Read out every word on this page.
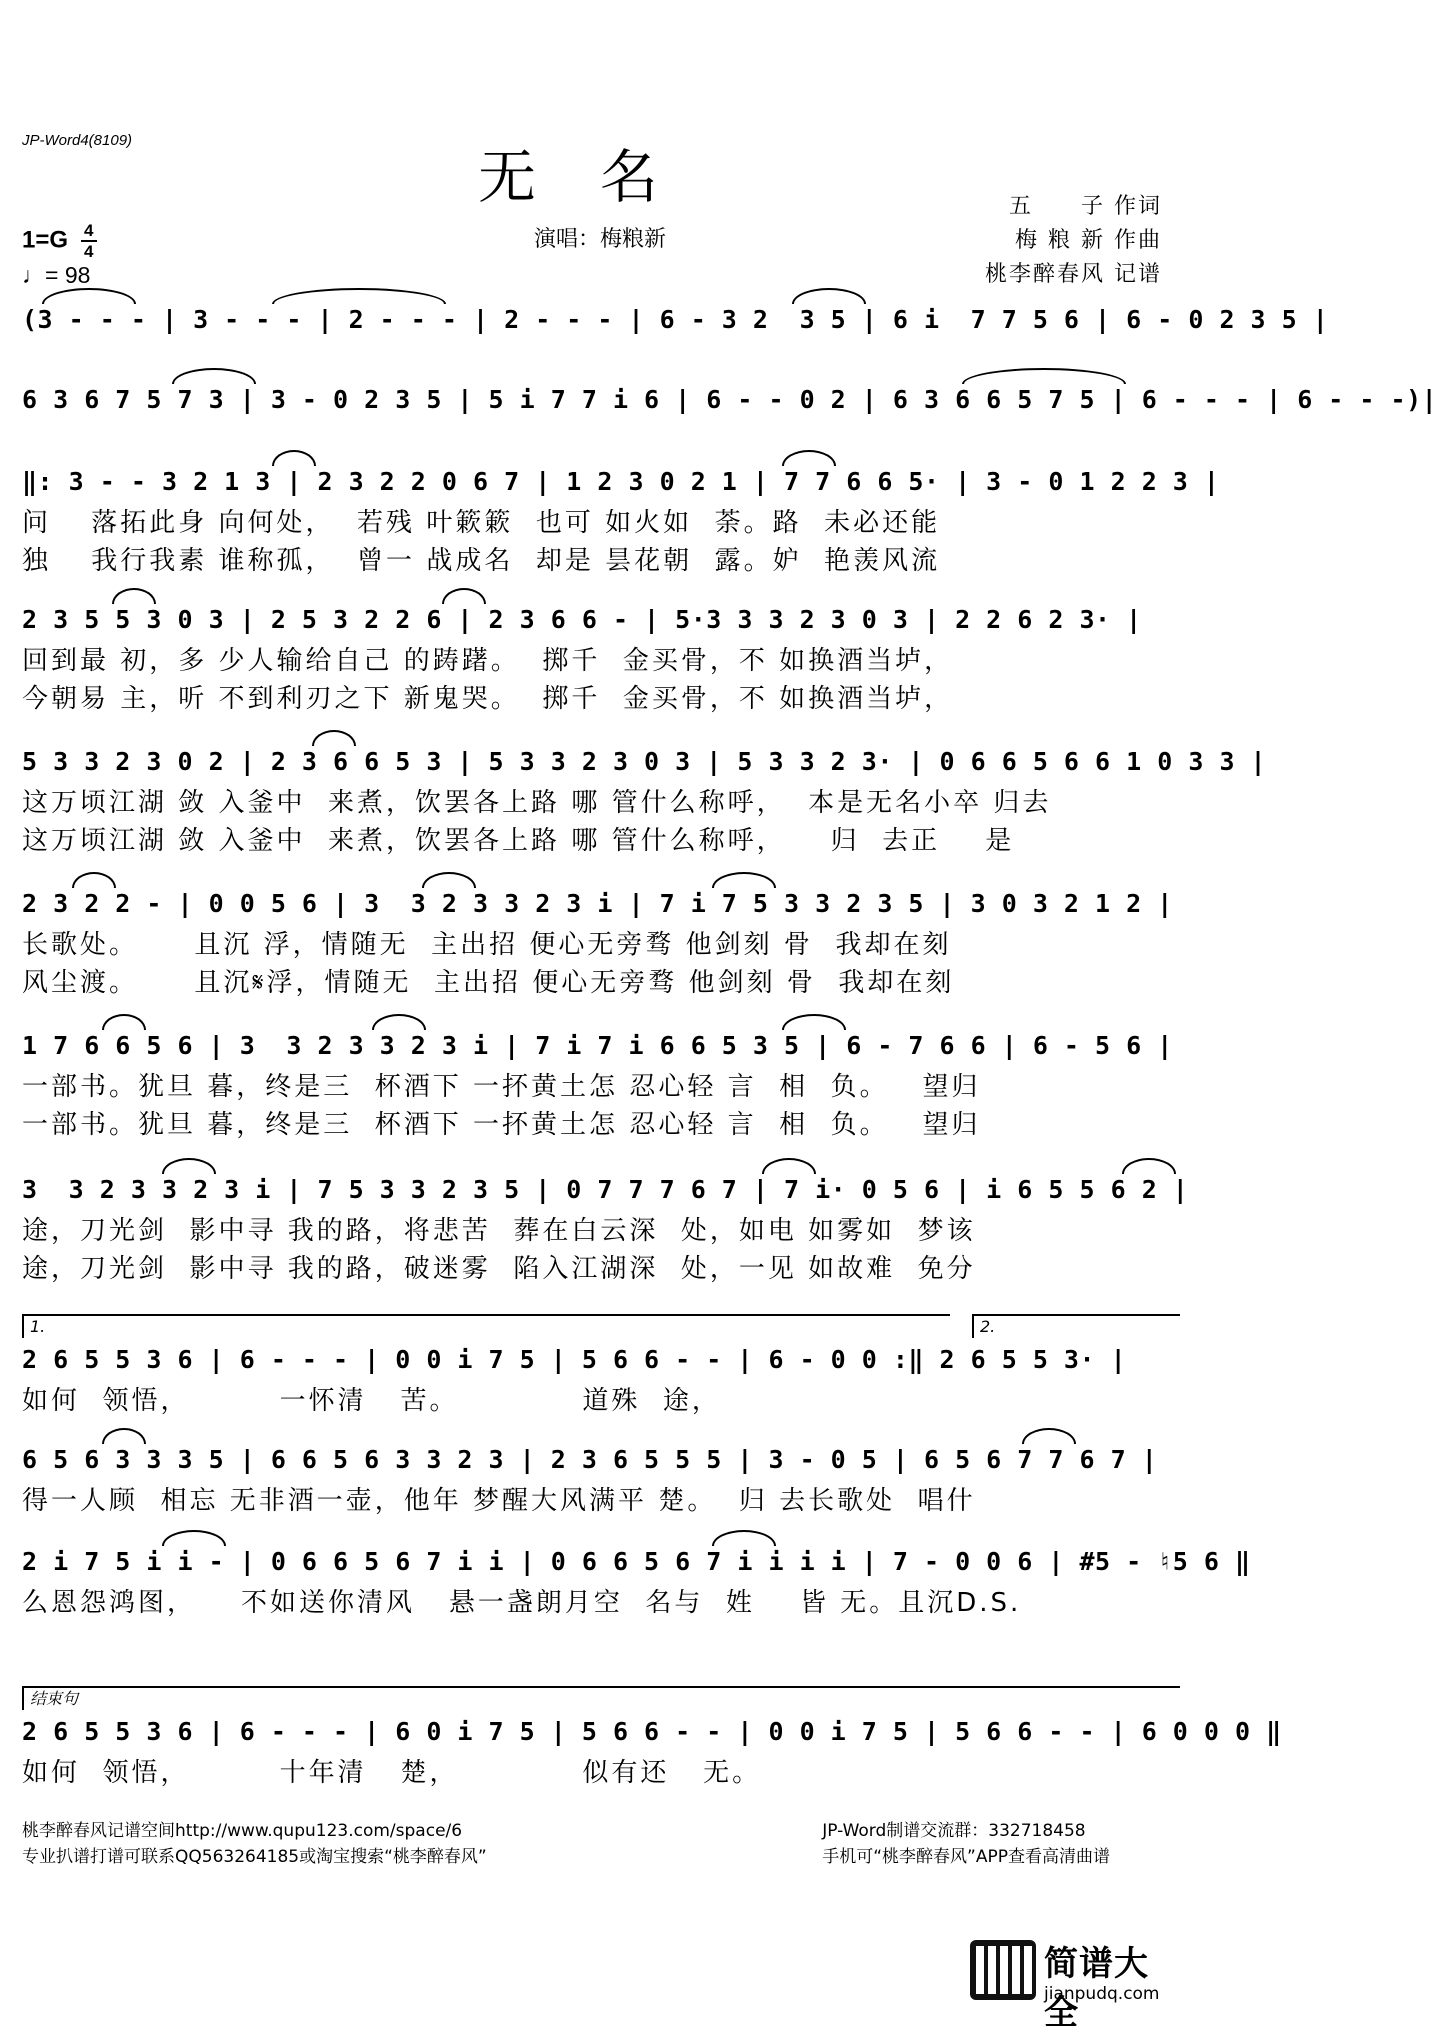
JP-Word4(8109)
无名
演唱：梅粮新
五　　子 作词
梅 粮 新 作曲
桃李醉春风 记谱
$1=G \frac{4}{4}$
♩= 98
(3 - - - | 3 - - - | 2 - - - | 2 - - - | 6 - 3 2  3 5 | 6 i  7 7 5 6 | 6 - 0 2 3 5 |
6 3 6 7 5 7 3 | 3 - 0 2 3 5 | 5 i 7 7 i 6 | 6 - - 0 2 | 6 3 6 6 5 7 5 | 6 - - - | 6 - - -)|
‖: 3 - - 3 2 1 3 | 2 3 2 2 0 6 7 | 1 2 3 0 2 1 | 7 7 6 6 5· | 3 - 0 1 2 2 3 |
问　 落拓此身 向何处，  若残 叶簌簌  也可 如火如  荼。路  未必还能
独　 我行我素 谁称孤，  曾一 战成名  却是 昙花朝  露。妒  艳羡风流
2 3 5 5 3 0 3 | 2 5 3 2 2 6 | 2 3 6 6 - | 5·3 3 3 2 3 0 3 | 2 2 6 2 3· |
回到最 初，多 少人输给自己 的踌躇。  掷千  金买骨，不 如换酒当垆，
今朝易 主，听 不到利刃之下 新鬼哭。  掷千  金买骨，不 如换酒当垆，
5 3 3 2 3 0 2 | 2 3 6 6 5 3 | 5 3 3 2 3 0 3 | 5 3 3 2 3· | 0 6 6 5 6 6 1 0 3 3 |
这万顷江湖 敛 入釜中  来煮，饮罢各上路 哪 管什么称呼，  本是无名小卒 归去
这万顷江湖 敛 入釜中  来煮，饮罢各上路 哪 管什么称呼，    归  去正    是
2 3 2 2 - | 0 0 5 6 | 3  3 2 3 3 2 3 i | 7 i 7 5 3 3 2 3 5 | 3 0 3 2 1 2 |
长歌处。     且沉 浮，情随无  主出招 便心无旁骛 他剑刻 骨  我却在刻
风尘渡。     且沉𝄋浮，情随无  主出招 便心无旁骛 他剑刻 骨  我却在刻
1 7 6 6 5 6 | 3  3 2 3 3 2 3 i | 7 i 7 i 6 6 5 3 5 | 6 - 7 6 6 | 6 - 5 6 |
一部书。犹旦 暮，终是三  杯酒下 一抔黄土怎 忍心轻 言  相  负。   望归
一部书。犹旦 暮，终是三  杯酒下 一抔黄土怎 忍心轻 言  相  负。   望归
3  3 2 3 3 2 3 i | 7 5 3 3 2 3 5 | 0 7 7 7 6 7 | 7 i· 0 5 6 | i 6 5 5 6 2 |
途，刀光剑  影中寻 我的路，将悲苦  葬在白云深  处，如电 如雾如  梦该
途，刀光剑  影中寻 我的路，破迷雾  陷入江湖深  处，一见 如故难  免分
1.	2.
2 6 5 5 3 6 | 6 - - - | 0 0 i 7 5 | 5 6 6 - - | 6 - 0 0 :‖ 2 6 5 5 3· |
如何  领悟，        一怀清   苦。           道殊  途，
6 5 6 3 3 3 5 | 6 6 5 6 3 3 2 3 | 2 3 6 5 5 5 | 3 - 0 5 | 6 5 6 7 7 6 7 |
得一人顾  相忘 无非酒一壶，他年 梦醒大风满平 楚。  归 去长歌处  唱什
2 i 7 5 i i - | 0 6 6 5 6 7 i i | 0 6 6 5 6 7 i i i i | 7 - 0 0 6 | #5 - ♮5 6 ‖
么恩怨鸿图，    不如送你清风   悬一盏朗月空  名与  姓    皆 无。且沉D.S.
结束句
2 6 5 5 3 6 | 6 - - - | 6 0 i 7 5 | 5 6 6 - - | 0 0 i 7 5 | 5 6 6 - - | 6 0 0 0 ‖
如何  领悟，        十年清   楚，           似有还   无。
桃李醉春风记谱空间http://www.qupu123.com/space/6
专业扒谱打谱可联系QQ563264185或淘宝搜索“桃李醉春风”
JP-Word制谱交流群：332718458
手机可“桃李醉春风”APP查看高清曲谱
简谱大全
jianpudq.com
